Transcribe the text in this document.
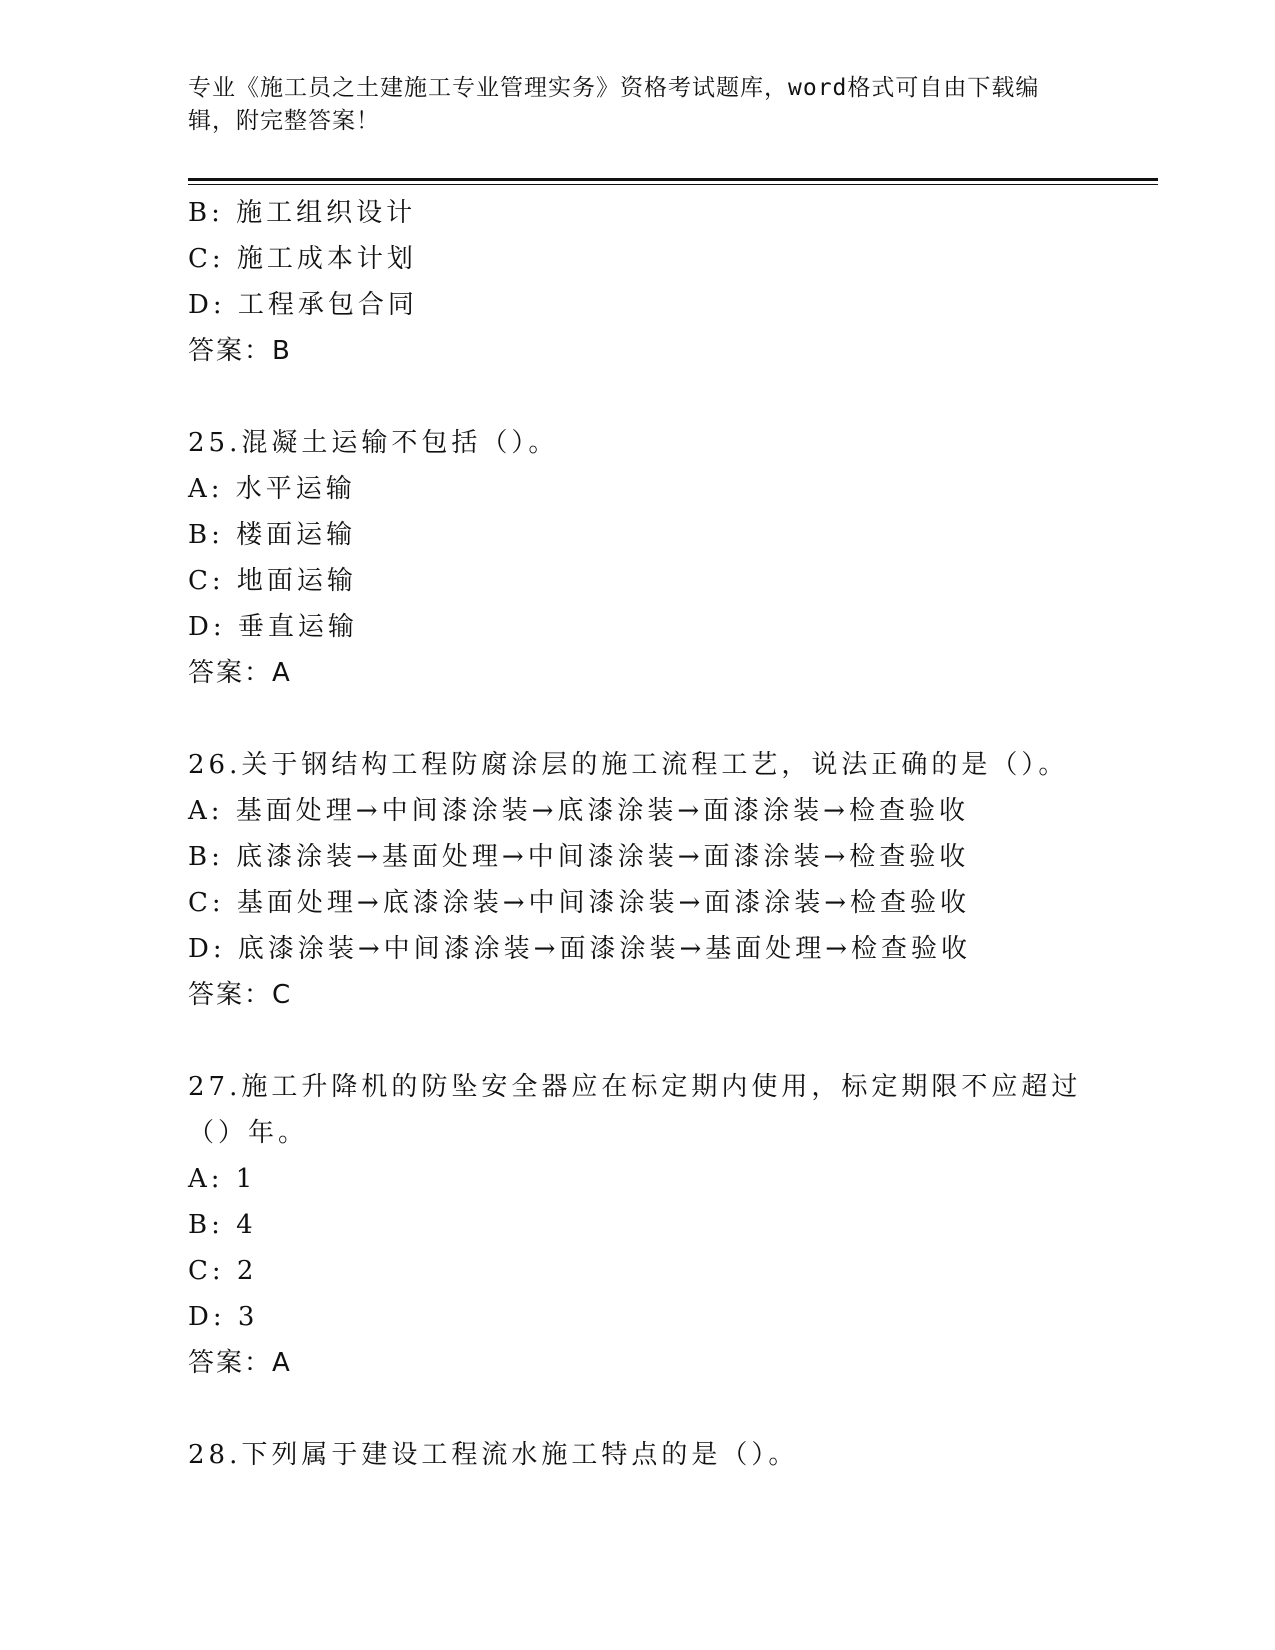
专业《施工员之土建施工专业管理实务》资格考试题库，word格式可自由下载编辑，附完整答案！

B: 施工组织设计

C: 施工成本计划

D: 工程承包合同

答案：B

25.混凝土运输不包括（）。

A: 水平运输

B: 楼面运输

C: 地面运输

D: 垂直运输

答案：A

26.关于钢结构工程防腐涂层的施工流程工艺，说法正确的是（）。

A: 基面处理→中间漆涂装→底漆涂装→面漆涂装→检查验收

B: 底漆涂装→基面处理→中间漆涂装→面漆涂装→检查验收

C: 基面处理→底漆涂装→中间漆涂装→面漆涂装→检查验收

D: 底漆涂装→中间漆涂装→面漆涂装→基面处理→检查验收

答案：C

27.施工升降机的防坠安全器应在标定期内使用，标定期限不应超过（）年。

A: 1

B: 4

C: 2

D: 3

答案：A

28.下列属于建设工程流水施工特点的是（）。
